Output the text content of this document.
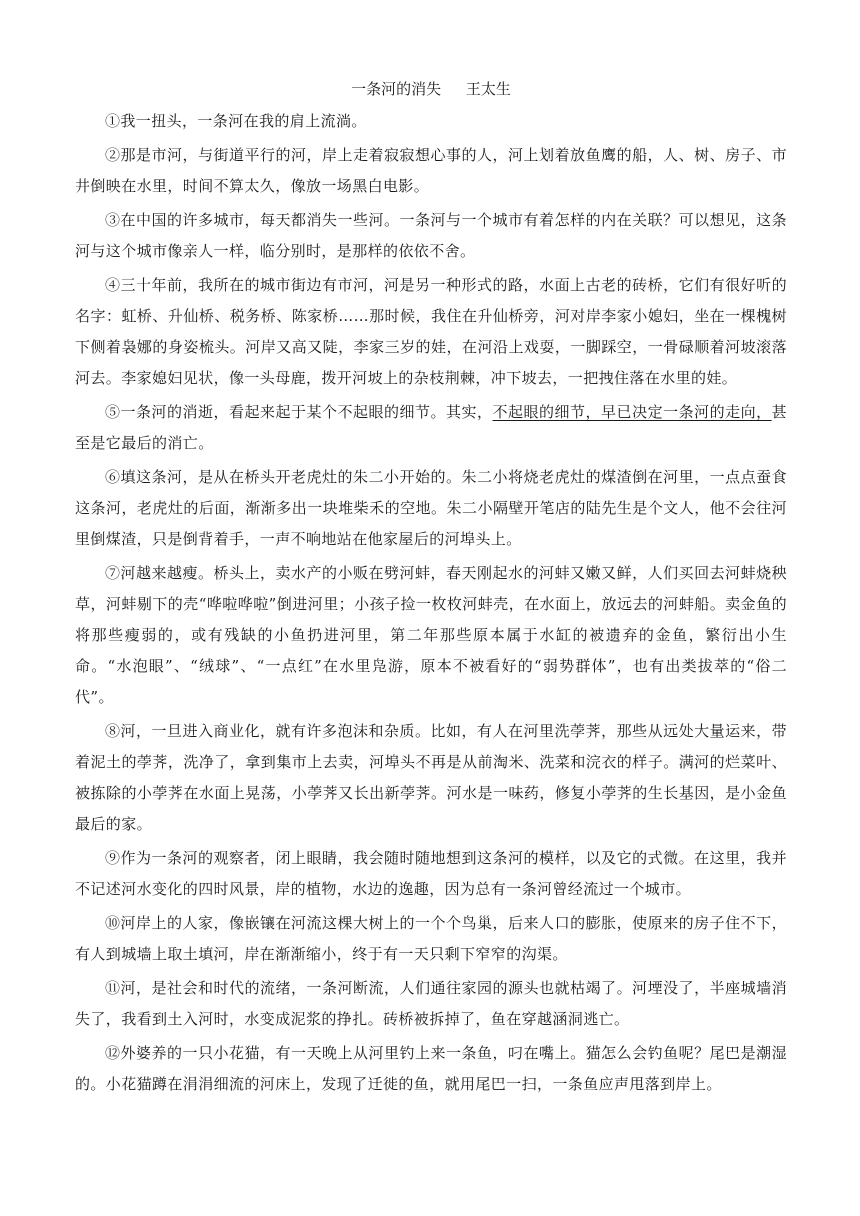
一条河的消失 王太生

①我一扭头，一条河在我的肩上流淌。

②那是市河，与街道平行的河，岸上走着寂寂想心事的人，河上划着放鱼鹰的船，人、树、房子、市井倒映在水里，时间不算太久，像放一场黑白电影。

③在中国的许多城市，每天都消失一些河。一条河与一个城市有着怎样的内在关联？可以想见，这条河与这个城市像亲人一样，临分别时，是那样的依依不舍。

④三十年前，我所在的城市街边有市河，河是另一种形式的路，水面上古老的砖桥，它们有很好听的名字：虹桥、升仙桥、税务桥、陈家桥……那时候，我住在升仙桥旁，河对岸李家小媳妇，坐在一棵槐树下侧着袅娜的身姿梳头。河岸又高又陡，李家三岁的娃，在河沿上戏耍，一脚踩空，一骨碌顺着河坡滚落河去。李家媳妇见状，像一头母鹿，拨开河坡上的杂枝荆棘，冲下坡去，一把拽住落在水里的娃。

⑤一条河的消逝，看起来起于某个不起眼的细节。其实，不起眼的细节，早已决定一条河的走向，甚至是它最后的消亡。

⑥填这条河，是从在桥头开老虎灶的朱二小开始的。朱二小将烧老虎灶的煤渣倒在河里，一点点蚕食这条河，老虎灶的后面，渐渐多出一块堆柴禾的空地。朱二小隔壁开笔店的陆先生是个文人，他不会往河里倒煤渣，只是倒背着手，一声不响地站在他家屋后的河埠头上。

⑦河越来越瘦。桥头上，卖水产的小贩在劈河蚌，春天刚起水的河蚌又嫩又鲜，人们买回去河蚌烧秧草，河蚌剔下的壳“哗啦哗啦”倒进河里；小孩子捡一枚枚河蚌壳，在水面上，放远去的河蚌船。卖金鱼的将那些瘦弱的，或有残缺的小鱼扔进河里，第二年那些原本属于水缸的被遗弃的金鱼，繁衍出小生命。“水泡眼”、“绒球”、“一点红”在水里凫游，原本不被看好的“弱势群体”，也有出类拔萃的“俗二代”。

⑧河，一旦进入商业化，就有许多泡沫和杂质。比如，有人在河里洗荸荠，那些从远处大量运来，带着泥土的荸荠，洗净了，拿到集市上去卖，河埠头不再是从前淘米、洗菜和浣衣的样子。满河的烂菜叶、被拣除的小荸荠在水面上晃荡，小荸荠又长出新荸荠。河水是一味药，修复小荸荠的生长基因，是小金鱼最后的家。

⑨作为一条河的观察者，闭上眼睛，我会随时随地想到这条河的模样，以及它的式微。在这里，我并不记述河水变化的四时风景，岸的植物，水边的逸趣，因为总有一条河曾经流过一个城市。

⑩河岸上的人家，像嵌镶在河流这棵大树上的一个个鸟巢，后来人口的膨胀，使原来的房子住不下，有人到城墙上取土填河，岸在渐渐缩小，终于有一天只剩下窄窄的沟渠。

⑪河，是社会和时代的流绪，一条河断流，人们通往家园的源头也就枯竭了。河堙没了，半座城墙消失了，我看到土入河时，水变成泥浆的挣扎。砖桥被拆掉了，鱼在穿越涵洞逃亡。

⑫外婆养的一只小花猫，有一天晚上从河里钓上来一条鱼，叼在嘴上。猫怎么会钓鱼呢？尾巴是潮湿的。小花猫蹲在涓涓细流的河床上，发现了迁徙的鱼，就用尾巴一扫，一条鱼应声甩落到岸上。
